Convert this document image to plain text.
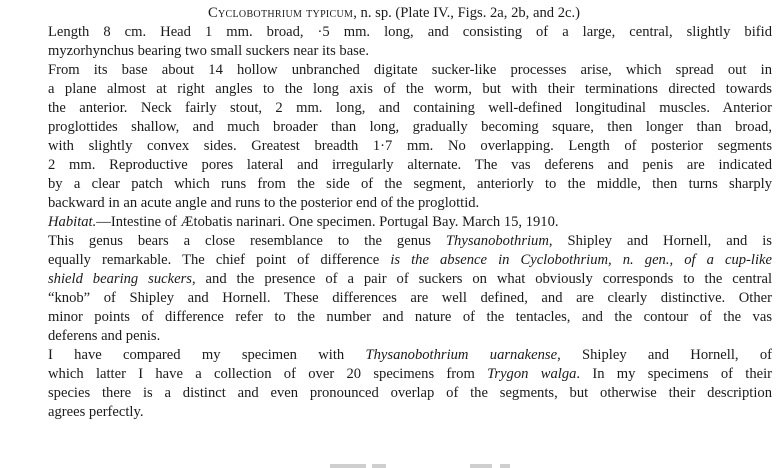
Cyclobothrium typicum, n. sp. (Plate IV., Figs. 2a, 2b, and 2c.)

Length 8 cm. Head 1 mm. broad, ·5 mm. long, and consisting of a large, central, slightly bifid
myzorhynchus bearing two small suckers near its base.
From its base about 14 hollow unbranched digitate sucker-like processes arise, which spread out in
a plane almost at right angles to the long axis of the worm, but with their terminations directed towards
the anterior. Neck fairly stout, 2 mm. long, and containing well-defined longitudinal muscles. Anterior
proglottides shallow, and much broader than long, gradually becoming square, then longer than broad,
with slightly convex sides. Greatest breadth 1·7 mm. No overlapping. Length of posterior segments
2 mm. Reproductive pores lateral and irregularly alternate. The vas deferens and penis are indicated
by a clear patch which runs from the side of the segment, anteriorly to the middle, then turns sharply
backward in an acute angle and runs to the posterior end of the proglottid.
Habitat.—Intestine of Ætobatis narinari. One specimen. Portugal Bay. March 15, 1910.
This genus bears a close resemblance to the genus Thysanobothrium, Shipley and Hornell, and is
equally remarkable. The chief point of difference is the absence in Cyclobothrium, n. gen., of a cup-like
shield bearing suckers, and the presence of a pair of suckers on what obviously corresponds to the central
“knob” of Shipley and Hornell. These differences are well defined, and are clearly distinctive. Other
minor points of difference refer to the number and nature of the tentacles, and the contour of the vas
deferens and penis.
I have compared my specimen with Thysanobothrium uarnakense, Shipley and Hornell, of
which latter I have a collection of over 20 specimens from Trygon walga. In my specimens of their
species there is a distinct and even pronounced overlap of the segments, but otherwise their description
agrees perfectly.
